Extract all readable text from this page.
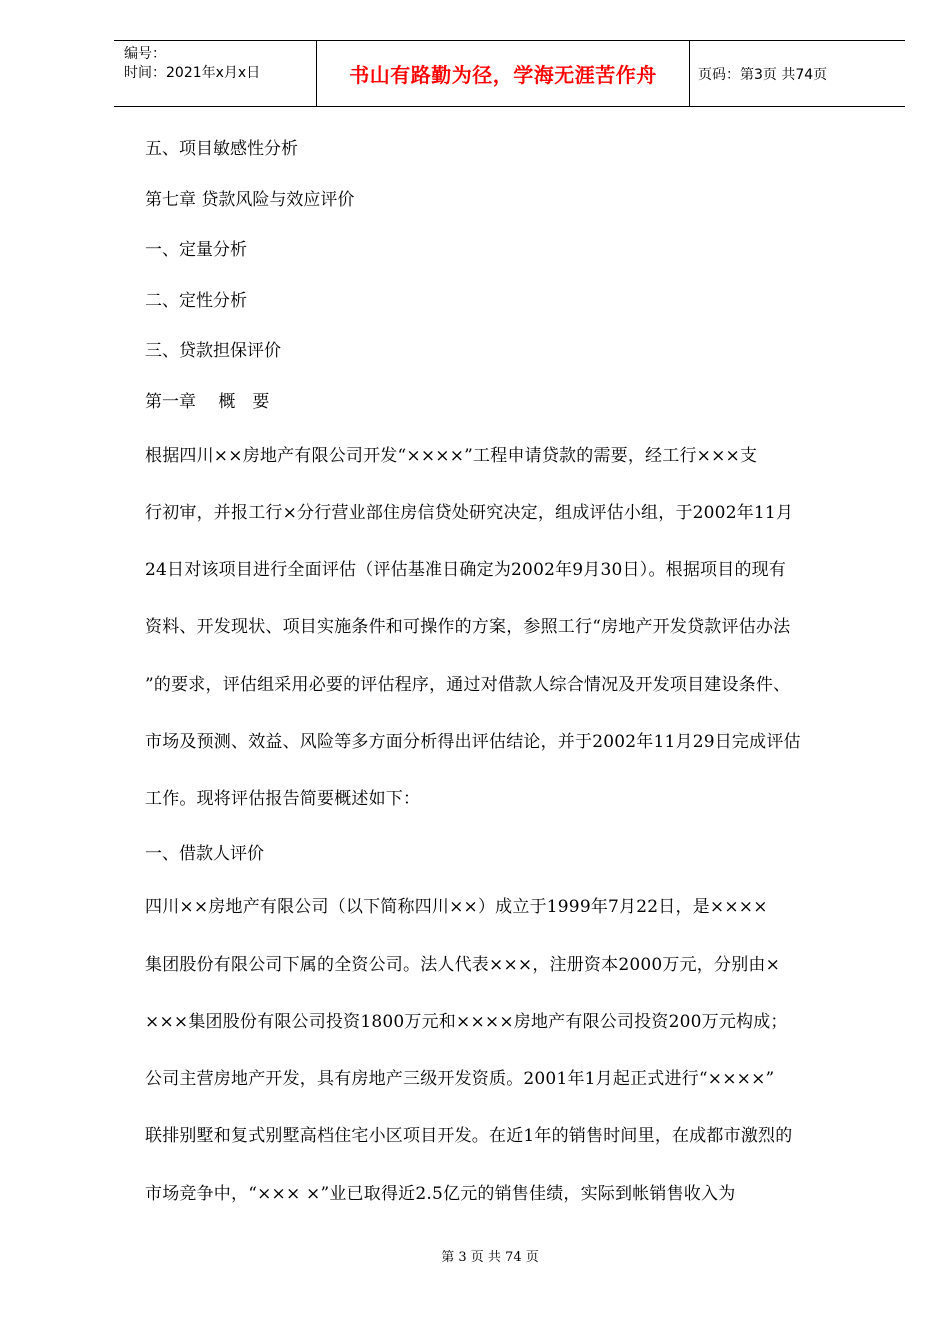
编号：
时间：2021年x月x日	书山有路勤为径，学海无涯苦作舟	页码：第3页 共74页
五、项目敏感性分析
第七章 贷款风险与效应评价
一、定量分析
二、定性分析
三、贷款担保评价
第一章　 概　要

根据四川××房地产有限公司开发“××××”工程申请贷款的需要，经工行×××支
行初审，并报工行×分行营业部住房信贷处研究决定，组成评估小组，于2002年11月
24日对该项目进行全面评估（评估基准日确定为2002年9月30日）。根据项目的现有
资料、开发现状、项目实施条件和可操作的方案，参照工行“房地产开发贷款评估办法
”的要求，评估组采用必要的评估程序，通过对借款人综合情况及开发项目建设条件、
市场及预测、效益、风险等多方面分析得出评估结论，并于2002年11月29日完成评估
工作。现将评估报告简要概述如下：

一、借款人评价

四川××房地产有限公司（以下简称四川××）成立于1999年7月22日，是××××
集团股份有限公司下属的全资公司。法人代表×××，注册资本2000万元，分别由×
×××集团股份有限公司投资1800万元和××××房地产有限公司投资200万元构成；
公司主营房地产开发，具有房地产三级开发资质。2001年1月起正式进行“××××”
联排别墅和复式别墅高档住宅小区项目开发。在近1年的销售时间里，在成都市激烈的
市场竞争中，“××× ×”业已取得近2.5亿元的销售佳绩，实际到帐销售收入为

第 3 页 共 74 页
